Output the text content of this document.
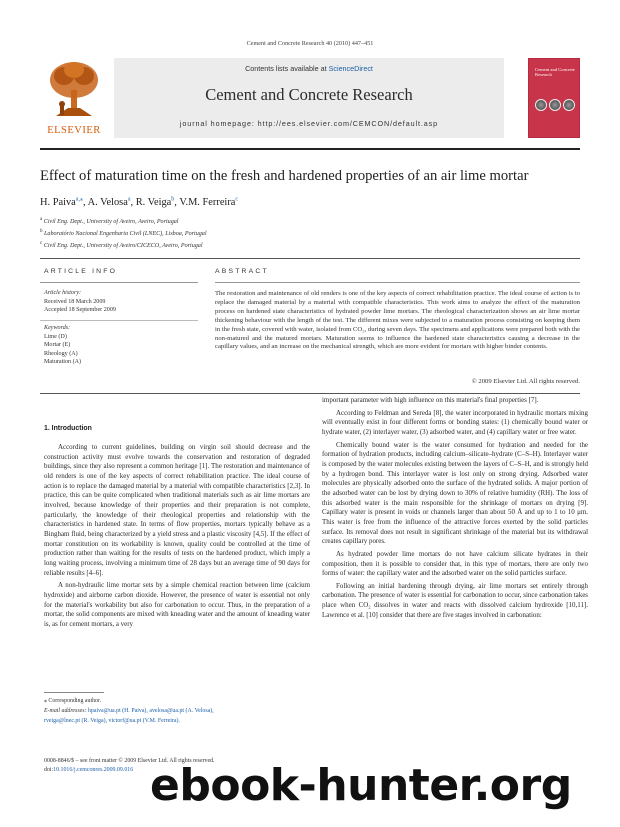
Cement and Concrete Research 40 (2010) 447–451
ELSEVIER
Contents lists available at ScienceDirect
Cement and Concrete Research
journal homepage: http://ees.elsevier.com/CEMCON/default.asp
Cement and Concrete Research
Effect of maturation time on the fresh and hardened properties of an air lime mortar
H. Paiva$^{a,⁎}$, A. Velosa$^a$, R. Veiga$^b$, V.M. Ferreira$^c$
$^a$ Civil Eng. Dept., University of Aveiro, Aveiro, Portugal
$^b$ Laboratório Nacional Engenharia Civil (LNEC), Lisboa, Portugal
$^c$ Civil Eng. Dept., University of Aveiro/CICECO, Aveiro, Portugal
ARTICLE INFO	ABSTRACT
Article history:
Received 18 March 2009
Accepted 18 September 2009
Keywords:
Lime (D)
Mortar (E)
Rheology (A)
Maturation (A)
The restoration and maintenance of old renders is one of the key aspects of correct rehabilitation practice. The ideal course of action is to replace the damaged material by a material with compatible characteristics. This work aims to analyze the effect of the maturation process on hardened state characteristics of hydrated powder lime mortars. The rheological characterization shows an air lime mortar thickening behaviour with the length of the test. The different mixes were subjected to a maturation process consisting on keeping them in the fresh state, covered with water, isolated from CO₂, during seven days. The specimens and applications were prepared both with the non-matured and the matured mortars. Maturation seems to influence the hardened state characteristics causing a decrease in the capillary values, and an increase on the mechanical strength, which are more evident for mortars with higher binder contents.
© 2009 Elsevier Ltd. All rights reserved.
1. Introduction

According to current guidelines, building on virgin soil should decrease and the construction activity must evolve towards the conservation and restoration of degraded buildings, since they also represent a common heritage [1]. The restoration and maintenance of old renders is one of the key aspects of correct rehabilitation practice. The ideal course of action is to replace the damaged material by a material with compatible characteristics [2,3]. In practice, this can be quite complicated when traditional materials such as air lime mortars are involved, because knowledge of their properties and their preparation is not complete, particularly, the knowledge of their rheological properties and relationship with the characteristics in hardened state. In terms of flow properties, mortars typically behave as a Bingham fluid, being characterized by a yield stress and a plastic viscosity [4,5]. If the effect of mortar constitution on its workability is known, quality could be controlled at the time of production rather than waiting for the results of tests on the hardened product, which imply a long waiting process, involving a minimum time of 28 days but an average time of 90 days for reliable results [4–6].

A non-hydraulic lime mortar sets by a simple chemical reaction between lime (calcium hydroxide) and airborne carbon dioxide. However, the presence of water is essential not only for the material's workability but also for carbonation to occur. Thus, in the preparation of a mortar, the solid components are mixed with kneading water and the amount of kneading water is, as for cement mortars, a very

important parameter with high influence on this material's final properties [7].

According to Feldman and Sereda [8], the water incorporated in hydraulic mortars mixing will eventually exist in four different forms or bonding states: (1) chemically bound water or hydrate water, (2) interlayer water, (3) adsorbed water, and (4) capillary water or free water.

Chemically bound water is the water consumed for hydration and needed for the formation of hydration products, including calcium–silicate–hydrate (C–S–H). Interlayer water is composed by the water molecules existing between the layers of C–S–H, and is strongly held by a hydrogen bond. This interlayer water is lost only on strong drying. Adsorbed water molecules are physically adsorbed onto the surface of the hydrated solids. A major portion of the adsorbed water can be lost by drying down to 30% of relative humidity (RH). The loss of this adsorbed water is the main responsible for the shrinkage of mortars on drying [9]. Capillary water is present in voids or channels larger than about 50 Å and up to 1 to 10 μm. This water is free from the influence of the attractive forces exerted by the solid particles surface. Its removal does not result in significant shrinkage of the material but its withdrawal creates capillary pores.

As hydrated powder lime mortars do not have calcium silicate hydrates in their composition, then it is possible to consider that, in this type of mortars, there are only two forms of water: the capillary water and the adsorbed water on the solid particles surface.

Following an initial hardening through drying, air lime mortars set entirely through carbonation. The presence of water is essential for carbonation to occur, since carbonation takes place when CO₂ dissolves in water and reacts with dissolved calcium hydroxide [10,11]. Lawrence et al. [10] consider that there are five stages involved in carbonation:

⁎ Corresponding author.
E-mail addresses: hpaiva@ua.pt (H. Paiva), avelosa@ua.pt (A. Velosa),
rveiga@lnec.pt (R. Veiga), victorf@ua.pt (V.M. Ferreira).
0008-8846/$ – see front matter © 2009 Elsevier Ltd. All rights reserved.
doi:10.1016/j.cemconres.2009.09.016 ebook-hunter.org
